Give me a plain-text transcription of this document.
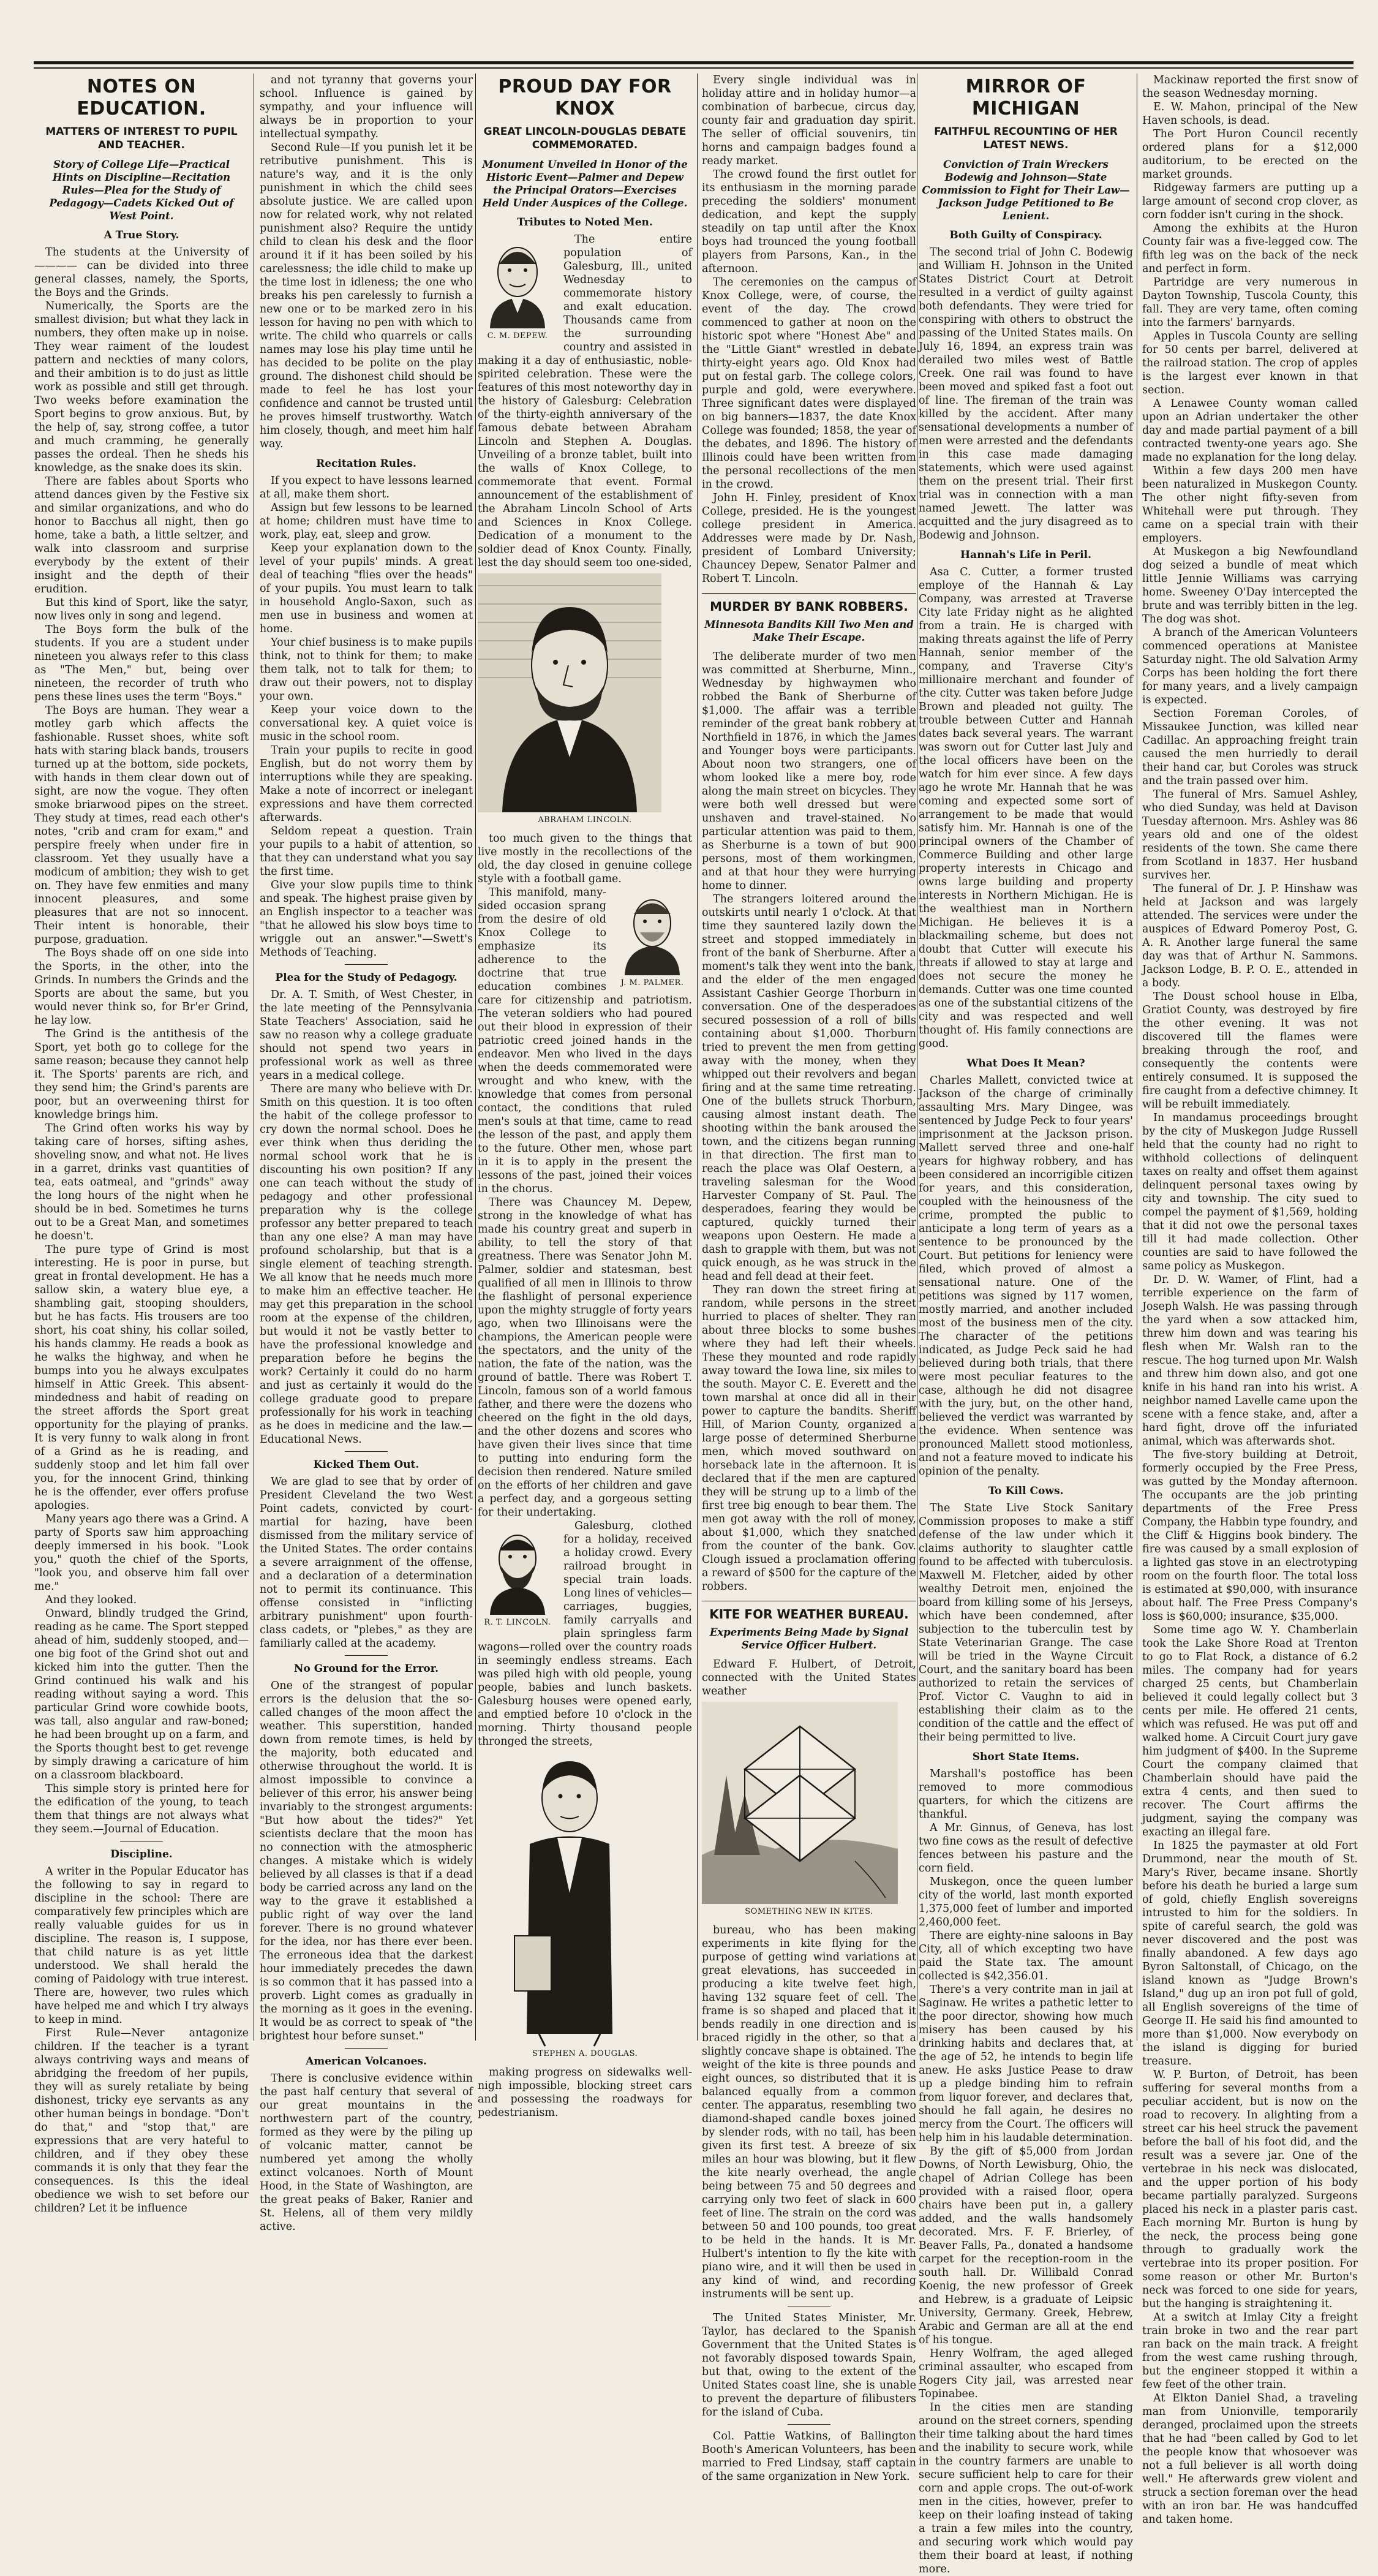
NOTES ON EDUCATION.
MATTERS OF INTEREST TO PUPIL AND TEACHER.
Story of College Life—Practical Hints on Discipline—Recitation Rules—Plea for the Study of Pedagogy—Cadets Kicked Out of West Point.
A True Story.

The students at the University of ———— can be divided into three general classes, namely, the Sports, the Boys and the Grinds.

Numerically, the Sports are the smallest division; but what they lack in numbers, they often make up in noise. They wear raiment of the loudest pattern and neckties of many colors, and their ambition is to do just as little work as possible and still get through. Two weeks before examination the Sport begins to grow anxious. But, by the help of, say, strong coffee, a tutor and much cramming, he generally passes the ordeal. Then he sheds his knowledge, as the snake does its skin.

There are fables about Sports who attend dances given by the Festive six and similar organizations, and who do honor to Bacchus all night, then go home, take a bath, a little seltzer, and walk into classroom and surprise everybody by the extent of their insight and the depth of their erudition.

But this kind of Sport, like the satyr, now lives only in song and legend.

The Boys form the bulk of the students. If you are a student under nineteen you always refer to this class as "The Men," but, being over nineteen, the recorder of truth who pens these lines uses the term "Boys."

The Boys are human. They wear a motley garb which affects the fashionable. Russet shoes, white soft hats with staring black bands, trousers turned up at the bottom, side pockets, with hands in them clear down out of sight, are now the vogue. They often smoke briarwood pipes on the street. They study at times, read each other's notes, "crib and cram for exam," and perspire freely when under fire in classroom. Yet they usually have a modicum of ambition; they wish to get on. They have few enmities and many innocent pleasures, and some pleasures that are not so innocent. Their intent is honorable, their purpose, graduation.

The Boys shade off on one side into the Sports, in the other, into the Grinds. In numbers the Grinds and the Sports are about the same, but you would never think so, for Br'er Grind, he lay low.

The Grind is the antithesis of the Sport, yet both go to college for the same reason; because they cannot help it. The Sports' parents are rich, and they send him; the Grind's parents are poor, but an overweening thirst for knowledge brings him.

The Grind often works his way by taking care of horses, sifting ashes, shoveling snow, and what not. He lives in a garret, drinks vast quantities of tea, eats oatmeal, and "grinds" away the long hours of the night when he should be in bed. Sometimes he turns out to be a Great Man, and sometimes he doesn't.

The pure type of Grind is most interesting. He is poor in purse, but great in frontal development. He has a sallow skin, a watery blue eye, a shambling gait, stooping shoulders, but he has facts. His trousers are too short, his coat shiny, his collar soiled, his hands clammy. He reads a book as he walks the highway, and when he bumps into you he always exculpates himself in Attic Greek. This absent-mindedness and habit of reading on the street affords the Sport great opportunity for the playing of pranks. It is very funny to walk along in front of a Grind as he is reading, and suddenly stoop and let him fall over you, for the innocent Grind, thinking he is the offender, ever offers profuse apologies.

Many years ago there was a Grind. A party of Sports saw him approaching deeply immersed in his book. "Look you," quoth the chief of the Sports, "look you, and observe him fall over me."

And they looked.

Onward, blindly trudged the Grind, reading as he came. The Sport stepped ahead of him, suddenly stooped, and—one big foot of the Grind shot out and kicked him into the gutter. Then the Grind continued his walk and his reading without saying a word. This particular Grind wore cowhide boots, was tall, also angular and raw-boned; he had been brought up on a farm, and the Sports thought best to get revenge by simply drawing a caricature of him on a classroom blackboard.

This simple story is printed here for the edification of the young, to teach them that things are not always what they seem.—Journal of Education.

Discipline.

A writer in the Popular Educator has the following to say in regard to discipline in the school: There are comparatively few principles which are really valuable guides for us in discipline. The reason is, I suppose, that child nature is as yet little understood. We shall herald the coming of Paidology with true interest. There are, however, two rules which have helped me and which I try always to keep in mind.

First Rule—Never antagonize children. If the teacher is a tyrant always contriving ways and means of abridging the freedom of her pupils, they will as surely retaliate by being dishonest, tricky eye servants as any other human beings in bondage. "Don't do that," and "stop that," are expressions that are very hateful to children, and if they obey these commands it is only that they fear the consequences. Is this the ideal obedience we wish to set before our children? Let it be influence

and not tyranny that governs your school. Influence is gained by sympathy, and your influence will always be in proportion to your intellectual sympathy.

Second Rule—If you punish let it be retributive punishment. This is nature's way, and it is the only punishment in which the child sees absolute justice. We are called upon now for related work, why not related punishment also? Require the untidy child to clean his desk and the floor around it if it has been soiled by his carelessness; the idle child to make up the time lost in idleness; the one who breaks his pen carelessly to furnish a new one or to be marked zero in his lesson for having no pen with which to write. The child who quarrels or calls names may lose his play time until he has decided to be polite on the play ground. The dishonest child should be made to feel he has lost your confidence and cannot be trusted until he proves himself trustworthy. Watch him closely, though, and meet him half way.

Recitation Rules.

If you expect to have lessons learned at all, make them short.

Assign but few lessons to be learned at home; children must have time to work, play, eat, sleep and grow.

Keep your explanation down to the level of your pupils' minds. A great deal of teaching "flies over the heads" of your pupils. You must learn to talk in household Anglo-Saxon, such as men use in business and women at home.

Your chief business is to make pupils think, not to think for them; to make them talk, not to talk for them; to draw out their powers, not to display your own.

Keep your voice down to the conversational key. A quiet voice is music in the school room.

Train your pupils to recite in good English, but do not worry them by interruptions while they are speaking. Make a note of incorrect or inelegant expressions and have them corrected afterwards.

Seldom repeat a question. Train your pupils to a habit of attention, so that they can understand what you say the first time.

Give your slow pupils time to think and speak. The highest praise given by an English inspector to a teacher was "that he allowed his slow boys time to wriggle out an answer."—Swett's Methods of Teaching.

Plea for the Study of Pedagogy.

Dr. A. T. Smith, of West Chester, in the late meeting of the Pennsylvania State Teachers' Association, said he saw no reason why a college graduate should not spend two years in professional work as well as three years in a medical college.

There are many who believe with Dr. Smith on this question. It is too often the habit of the college professor to cry down the normal school. Does he ever think when thus deriding the normal school work that he is discounting his own position? If any one can teach without the study of pedagogy and other professional preparation why is the college professor any better prepared to teach than any one else? A man may have profound scholarship, but that is a single element of teaching strength. We all know that he needs much more to make him an effective teacher. He may get this preparation in the school room at the expense of the children, but would it not be vastly better to have the professional knowledge and preparation before he begins the work? Certainly it could do no harm and just as certainly it would do the college graduate good to prepare professionally for his work in teaching as he does in medicine and the law.—Educational News.

Kicked Them Out.

We are glad to see that by order of President Cleveland the two West Point cadets, convicted by court-martial for hazing, have been dismissed from the military service of the United States. The order contains a severe arraignment of the offense, and a declaration of a determination not to permit its continuance. This offense consisted in "inflicting arbitrary punishment" upon fourth-class cadets, or "plebes," as they are familiarly called at the academy.

No Ground for the Error.

One of the strangest of popular errors is the delusion that the so-called changes of the moon affect the weather. This superstition, handed down from remote times, is held by the majority, both educated and otherwise throughout the world. It is almost impossible to convince a believer of this error, his answer being invariably to the strongest arguments: "But how about the tides?" Yet scientists declare that the moon has no connection with the atmospheric changes. A mistake which is widely believed by all classes is that if a dead body be carried across any land on the way to the grave it established a public right of way over the land forever. There is no ground whatever for the idea, nor has there ever been. The erroneous idea that the darkest hour immediately precedes the dawn is so common that it has passed into a proverb. Light comes as gradually in the morning as it goes in the evening. It would be as correct to speak of "the brightest hour before sunset."

American Volcanoes.

There is conclusive evidence within the past half century that several of our great mountains in the northwestern part of the country, formed as they were by the piling up of volcanic matter, cannot be numbered yet among the wholly extinct volcanoes. North of Mount Hood, in the State of Washington, are the great peaks of Baker, Ranier and St. Helens, all of them very mildly active.

PROUD DAY FOR KNOX
GREAT LINCOLN-DOUGLAS DEBATE COMMEMORATED.
Monument Unveiled in Honor of the Historic Event—Palmer and Depew the Principal Orators—Exercises Held Under Auspices of the College.
Tributes to Noted Men.
C. M. DEPEW.

The entire population of Galesburg, Ill., united Wednesday to commemorate history and exalt education. Thousands came from the surrounding country and assisted in making it a day of enthusiastic, noble-spirited celebration. These were the features of this most noteworthy day in the history of Galesburg: Celebration of the thirty-eighth anniversary of the famous debate between Abraham Lincoln and Stephen A. Douglas. Unveiling of a bronze tablet, built into the walls of Knox College, to commemorate that event. Formal announcement of the establishment of the Abraham Lincoln School of Arts and Sciences in Knox College. Dedication of a monument to the soldier dead of Knox County. Finally, lest the day should seem too one-sided,

ABRAHAM LINCOLN.

too much given to the things that live mostly in the recollections of the old, the day closed in genuine college style with a football game.

J. M. PALMER.

This manifold, many-sided occasion sprang from the desire of old Knox College to emphasize its adherence to the doctrine that true education combines care for citizenship and patriotism. The veteran soldiers who had poured out their blood in expression of their patriotic creed joined hands in the endeavor. Men who lived in the days when the deeds commemorated were wrought and who knew, with the knowledge that comes from personal contact, the conditions that ruled men's souls at that time, came to read the lesson of the past, and apply them to the future. Other men, whose part in it is to apply in the present the lessons of the past, joined their voices in the chorus.

There was Chauncey M. Depew, strong in the knowledge of what has made his country great and superb in ability, to tell the story of that greatness. There was Senator John M. Palmer, soldier and statesman, best qualified of all men in Illinois to throw the flashlight of personal experience upon the mighty struggle of forty years ago, when two Illinoisans were the champions, the American people were the spectators, and the unity of the nation, the fate of the nation, was the ground of battle. There was Robert T. Lincoln, famous son of a world famous father, and there were the dozens who cheered on the fight in the old days, and the other dozens and scores who have given their lives since that time to putting into enduring form the decision then rendered. Nature smiled on the efforts of her children and gave a perfect day, and a gorgeous setting for their undertaking.

R. T. LINCOLN.

Galesburg, clothed for a holiday, received a holiday crowd. Every railroad brought in special train loads. Long lines of vehicles—carriages, buggies, family carryalls and plain springless farm wagons—rolled over the country roads in seemingly endless streams. Each was piled high with old people, young people, babies and lunch baskets. Galesburg houses were opened early, and emptied before 10 o'clock in the morning. Thirty thousand people thronged the streets,

STEPHEN A. DOUGLAS.

making progress on sidewalks well-nigh impossible, blocking street cars and possessing the roadways for pedestrianism.

Every single individual was in holiday attire and in holiday humor—a combination of barbecue, circus day, county fair and graduation day spirit. The seller of official souvenirs, tin horns and campaign badges found a ready market.

The crowd found the first outlet for its enthusiasm in the morning parade preceding the soldiers' monument dedication, and kept the supply steadily on tap until after the Knox boys had trounced the young football players from Parsons, Kan., in the afternoon.

The ceremonies on the campus of Knox College, were, of course, the event of the day. The crowd commenced to gather at noon on the historic spot where "Honest Abe" and the "Little Giant" wrestled in debate thirty-eight years ago. Old Knox had put on festal garb. The college colors, purple and gold, were everywhere. Three significant dates were displayed on big banners—1837, the date Knox College was founded; 1858, the year of the debates, and 1896. The history of Illinois could have been written from the personal recollections of the men in the crowd.

John H. Finley, president of Knox College, presided. He is the youngest college president in America. Addresses were made by Dr. Nash, president of Lombard University; Chauncey Depew, Senator Palmer and Robert T. Lincoln.

MURDER BY BANK ROBBERS.
Minnesota Bandits Kill Two Men and Make Their Escape.

The deliberate murder of two men was committed at Sherburne, Minn., Wednesday by highwaymen who robbed the Bank of Sherburne of $1,000. The affair was a terrible reminder of the great bank robbery at Northfield in 1876, in which the James and Younger boys were participants. About noon two strangers, one of whom looked like a mere boy, rode along the main street on bicycles. They were both well dressed but were unshaven and travel-stained. No particular attention was paid to them, as Sherburne is a town of but 900 persons, most of them workingmen, and at that hour they were hurrying home to dinner.

The strangers loitered around the outskirts until nearly 1 o'clock. At that time they sauntered lazily down the street and stopped immediately in front of the bank of Sherburne. After a moment's talk they went into the bank, and the elder of the men engaged Assistant Cashier George Thorburn in conversation. One of the desperadoes secured possession of a roll of bills containing about $1,000. Thorburn tried to prevent the men from getting away with the money, when they whipped out their revolvers and began firing and at the same time retreating. One of the bullets struck Thorburn, causing almost instant death. The shooting within the bank aroused the town, and the citizens began running in that direction. The first man to reach the place was Olaf Oestern, a traveling salesman for the Wood Harvester Company of St. Paul. The desperadoes, fearing they would be captured, quickly turned their weapons upon Oestern. He made a dash to grapple with them, but was not quick enough, as he was struck in the head and fell dead at their feet.

They ran down the street firing at random, while persons in the street hurried to places of shelter. They ran about three blocks to some bushes where they had left their wheels. These they mounted and rode rapidly away toward the Iowa line, six miles to the south. Mayor C. E. Everett and the town marshal at once did all in their power to capture the bandits. Sheriff Hill, of Marion County, organized a large posse of determined Sherburne men, which moved southward on horseback late in the afternoon. It is declared that if the men are captured they will be strung up to a limb of the first tree big enough to bear them. The men got away with the roll of money, about $1,000, which they snatched from the counter of the bank. Gov. Clough issued a proclamation offering a reward of $500 for the capture of the robbers.

KITE FOR WEATHER BUREAU.
Experiments Being Made by Signal Service Officer Hulbert.

Edward F. Hulbert, of Detroit, connected with the United States weather

SOMETHING NEW IN KITES.

bureau, who has been making experiments in kite flying for the purpose of getting wind variations at great elevations, has succeeded in producing a kite twelve feet high, having 132 square feet of cell. The frame is so shaped and placed that it bends readily in one direction and is braced rigidly in the other, so that a slightly concave shape is obtained. The weight of the kite is three pounds and eight ounces, so distributed that it is balanced equally from a common center. The apparatus, resembling two diamond-shaped candle boxes joined by slender rods, with no tail, has been given its first test. A breeze of six miles an hour was blowing, but it flew the kite nearly overhead, the angle being between 75 and 50 degrees and carrying only two feet of slack in 600 feet of line. The strain on the cord was between 50 and 100 pounds, too great to be held in the hands. It is Mr. Hulbert's intention to fly the kite with piano wire, and it will then be used in any kind of wind, and recording instruments will be sent up.

The United States Minister, Mr. Taylor, has declared to the Spanish Government that the United States is not favorably disposed towards Spain, but that, owing to the extent of the United States coast line, she is unable to prevent the departure of filibusters for the island of Cuba.

Col. Pattie Watkins, of Ballington Booth's American Volunteers, has been married to Fred Lindsay, staff captain of the same organization in New York.

MIRROR OF MICHIGAN
FAITHFUL RECOUNTING OF HER LATEST NEWS.
Conviction of Train Wreckers Bodewig and Johnson—State Commission to Fight for Their Law—Jackson Judge Petitioned to Be Lenient.
Both Guilty of Conspiracy.

The second trial of John C. Bodewig and William H. Johnson in the United States District Court at Detroit resulted in a verdict of guilty against both defendants. They were tried for conspiring with others to obstruct the passing of the United States mails. On July 16, 1894, an express train was derailed two miles west of Battle Creek. One rail was found to have been moved and spiked fast a foot out of line. The fireman of the train was killed by the accident. After many sensational developments a number of men were arrested and the defendants in this case made damaging statements, which were used against them on the present trial. Their first trial was in connection with a man named Jewett. The latter was acquitted and the jury disagreed as to Bodewig and Johnson.

Hannah's Life in Peril.

Asa C. Cutter, a former trusted employe of the Hannah & Lay Company, was arrested at Traverse City late Friday night as he alighted from a train. He is charged with making threats against the life of Perry Hannah, senior member of the company, and Traverse City's millionaire merchant and founder of the city. Cutter was taken before Judge Brown and pleaded not guilty. The trouble between Cutter and Hannah dates back several years. The warrant was sworn out for Cutter last July and the local officers have been on the watch for him ever since. A few days ago he wrote Mr. Hannah that he was coming and expected some sort of arrangement to be made that would satisfy him. Mr. Hannah is one of the principal owners of the Chamber of Commerce Building and other large property interests in Chicago and owns large building and property interests in Northern Michigan. He is the wealthiest man in Northern Michigan. He believes it is a blackmailing scheme, but does not doubt that Cutter will execute his threats if allowed to stay at large and does not secure the money he demands. Cutter was one time counted as one of the substantial citizens of the city and was respected and well thought of. His family connections are good.

What Does It Mean?

Charles Mallett, convicted twice at Jackson of the charge of criminally assaulting Mrs. Mary Dingee, was sentenced by Judge Peck to four years' imprisonment at the Jackson prison. Mallett served three and one-half years for highway robbery, and has been considered an incorrigible citizen for years, and this consideration, coupled with the heinousness of the crime, prompted the public to anticipate a long term of years as a sentence to be pronounced by the Court. But petitions for leniency were filed, which proved of almost a sensational nature. One of the petitions was signed by 117 women, mostly married, and another included most of the business men of the city. The character of the petitions indicated, as Judge Peck said he had believed during both trials, that there were most peculiar features to the case, although he did not disagree with the jury, but, on the other hand, believed the verdict was warranted by the evidence. When sentence was pronounced Mallett stood motionless, and not a feature moved to indicate his opinion of the penalty.

To Kill Cows.

The State Live Stock Sanitary Commission proposes to make a stiff defense of the law under which it claims authority to slaughter cattle found to be affected with tuberculosis. Maxwell M. Fletcher, aided by other wealthy Detroit men, enjoined the board from killing some of his Jerseys, which have been condemned, after subjection to the tuberculin test by State Veterinarian Grange. The case will be tried in the Wayne Circuit Court, and the sanitary board has been authorized to retain the services of Prof. Victor C. Vaughn to aid in establishing their claim as to the condition of the cattle and the effect of their being permitted to live.

Short State Items.

Marshall's postoffice has been removed to more commodious quarters, for which the citizens are thankful.

A Mr. Ginnus, of Geneva, has lost two fine cows as the result of defective fences between his pasture and the corn field.

Muskegon, once the queen lumber city of the world, last month exported 1,375,000 feet of lumber and imported 2,460,000 feet.

There are eighty-nine saloons in Bay City, all of which excepting two have paid the State tax. The amount collected is $42,356.01.

There's a very contrite man in jail at Saginaw. He writes a pathetic letter to the poor director, showing how much misery has been caused by his drinking habits and declares that, at the age of 52, he intends to begin life anew. He asks Justice Pease to draw up a pledge binding him to refrain from liquor forever, and declares that, should he fall again, he desires no mercy from the Court. The officers will help him in his laudable determination.

By the gift of $5,000 from Jordan Downs, of North Lewisburg, Ohio, the chapel of Adrian College has been provided with a raised floor, opera chairs have been put in, a gallery added, and the walls handsomely decorated. Mrs. F. F. Brierley, of Beaver Falls, Pa., donated a handsome carpet for the reception-room in the south hall. Dr. Willibald Conrad Koenig, the new professor of Greek and Hebrew, is a graduate of Leipsic University, Germany. Greek, Hebrew, Arabic and German are all at the end of his tongue.

Henry Wolfram, the aged alleged criminal assaulter, who escaped from Rogers City jail, was arrested near Topinabee.

In the cities men are standing around on the street corners, spending their time talking about the hard times and the inability to secure work, while in the country farmers are unable to secure sufficient help to care for their corn and apple crops. The out-of-work men in the cities, however, prefer to keep on their loafing instead of taking a train a few miles into the country, and securing work which would pay them their board at least, if nothing more.

Mackinaw reported the first snow of the season Wednesday morning.

E. W. Mahon, principal of the New Haven schools, is dead.

The Port Huron Council recently ordered plans for a $12,000 auditorium, to be erected on the market grounds.

Ridgeway farmers are putting up a large amount of second crop clover, as corn fodder isn't curing in the shock.

Among the exhibits at the Huron County fair was a five-legged cow. The fifth leg was on the back of the neck and perfect in form.

Partridge are very numerous in Dayton Township, Tuscola County, this fall. They are very tame, often coming into the farmers' barnyards.

Apples in Tuscola County are selling for 50 cents per barrel, delivered at the railroad station. The crop of apples is the largest ever known in that section.

A Lenawee County woman called upon an Adrian undertaker the other day and made partial payment of a bill contracted twenty-one years ago. She made no explanation for the long delay.

Within a few days 200 men have been naturalized in Muskegon County. The other night fifty-seven from Whitehall were put through. They came on a special train with their employers.

At Muskegon a big Newfoundland dog seized a bundle of meat which little Jennie Williams was carrying home. Sweeney O'Day intercepted the brute and was terribly bitten in the leg. The dog was shot.

A branch of the American Volunteers commenced operations at Manistee Saturday night. The old Salvation Army Corps has been holding the fort there for many years, and a lively campaign is expected.

Section Foreman Coroles, of Missaukee Junction, was killed near Cadillac. An approaching freight train caused the men hurriedly to derail their hand car, but Coroles was struck and the train passed over him.

The funeral of Mrs. Samuel Ashley, who died Sunday, was held at Davison Tuesday afternoon. Mrs. Ashley was 86 years old and one of the oldest residents of the town. She came there from Scotland in 1837. Her husband survives her.

The funeral of Dr. J. P. Hinshaw was held at Jackson and was largely attended. The services were under the auspices of Edward Pomeroy Post, G. A. R. Another large funeral the same day was that of Arthur N. Sammons. Jackson Lodge, B. P. O. E., attended in a body.

The Doust school house in Elba, Gratiot County, was destroyed by fire the other evening. It was not discovered till the flames were breaking through the roof, and consequently the contents were entirely consumed. It is supposed the fire caught from a defective chimney. It will be rebuilt immediately.

In mandamus proceedings brought by the city of Muskegon Judge Russell held that the county had no right to withhold collections of delinquent taxes on realty and offset them against delinquent personal taxes owing by city and township. The city sued to compel the payment of $1,569, holding that it did not owe the personal taxes till it had made collection. Other counties are said to have followed the same policy as Muskegon.

Dr. D. W. Wamer, of Flint, had a terrible experience on the farm of Joseph Walsh. He was passing through the yard when a sow attacked him, threw him down and was tearing his flesh when Mr. Walsh ran to the rescue. The hog turned upon Mr. Walsh and threw him down also, and got one knife in his hand ran into his wrist. A neighbor named Lavelle came upon the scene with a fence stake, and, after a hard fight, drove off the infuriated animal, which was afterwards shot.

The five-story building at Detroit, formerly occupied by the Free Press, was gutted by the Monday afternoon. The occupants are the job printing departments of the Free Press Company, the Habbin type foundry, and the Cliff & Higgins book bindery. The fire was caused by a small explosion of a lighted gas stove in an electrotyping room on the fourth floor. The total loss is estimated at $90,000, with insurance about half. The Free Press Company's loss is $60,000; insurance, $35,000.

Some time ago W. Y. Chamberlain took the Lake Shore Road at Trenton to go to Flat Rock, a distance of 6.2 miles. The company had for years charged 25 cents, but Chamberlain believed it could legally collect but 3 cents per mile. He offered 21 cents, which was refused. He was put off and walked home. A Circuit Court jury gave him judgment of $400. In the Supreme Court the company claimed that Chamberlain should have paid the extra 4 cents, and then sued to recover. The Court affirms the judgment, saying the company was exacting an illegal fare.

In 1825 the paymaster at old Fort Drummond, near the mouth of St. Mary's River, became insane. Shortly before his death he buried a large sum of gold, chiefly English sovereigns intrusted to him for the soldiers. In spite of careful search, the gold was never discovered and the post was finally abandoned. A few days ago Byron Saltonstall, of Chicago, on the island known as "Judge Brown's Island," dug up an iron pot full of gold, all English sovereigns of the time of George II. He said his find amounted to more than $1,000. Now everybody on the island is digging for buried treasure.

W. P. Burton, of Detroit, has been suffering for several months from a peculiar accident, but is now on the road to recovery. In alighting from a street car his heel struck the pavement before the ball of his foot did, and the result was a severe jar. One of the vertebrae in his neck was dislocated, and the upper portion of his body became partially paralyzed. Surgeons placed his neck in a plaster paris cast. Each morning Mr. Burton is hung by the neck, the process being gone through to gradually work the vertebrae into its proper position. For some reason or other Mr. Burton's neck was forced to one side for years, but the hanging is straightening it.

At a switch at Imlay City a freight train broke in two and the rear part ran back on the main track. A freight from the west came rushing through, but the engineer stopped it within a few feet of the other train.

At Elkton Daniel Shad, a traveling man from Unionville, temporarily deranged, proclaimed upon the streets that he had "been called by God to let the people know that whosoever was not a full believer is all worth doing well." He afterwards grew violent and struck a section foreman over the head with an iron bar. He was handcuffed and taken home.
